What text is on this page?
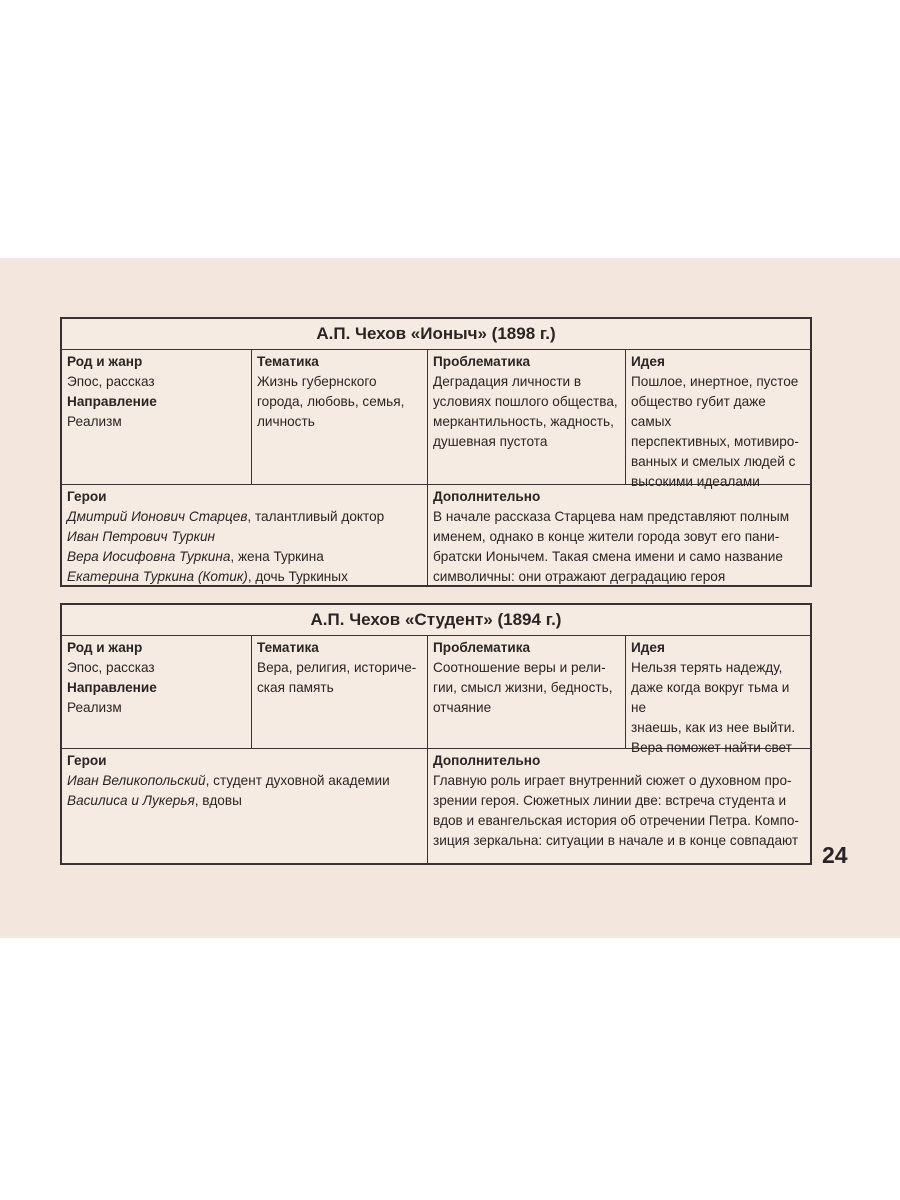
А.П. Чехов «Ионыч» (1898 г.)
Род и жанр
Эпос, рассказ
Направление
Реализм
Тематика
Жизнь губернского
города, любовь, семья,
личность
Проблематика
Деградация личности в
условиях пошлого общества,
меркантильность, жадность,
душевная пустота
Идея
Пошлое, инертное, пустое
общество губит даже самых
перспективных, мотивиро-
ванных и смелых людей с
высокими идеалами
Герои
Дмитрий Ионович Старцев, талантливый доктор
Иван Петрович Туркин
Вера Иосифовна Туркина, жена Туркина
Екатерина Туркина (Котик), дочь Туркиных
Дополнительно
В начале рассказа Старцева нам представляют полным
именем, однако в конце жители города зовут его пани-
братски Ионычем. Такая смена имени и само название
символичны: они отражают деградацию героя
А.П. Чехов «Студент» (1894 г.)
Род и жанр
Эпос, рассказ
Направление
Реализм
Тематика
Вера, религия, историче-
ская память
Проблематика
Соотношение веры и рели-
гии, смысл жизни, бедность,
отчаяние
Идея
Нельзя терять надежду,
даже когда вокруг тьма и не
знаешь, как из нее выйти.
Вера поможет найти свет
Герои
Иван Великопольский, студент духовной академии
Василиса и Лукерья, вдовы
Дополнительно
Главную роль играет внутренний сюжет о духовном про-
зрении героя. Сюжетных линии две: встреча студента и
вдов и евангельская история об отречении Петра. Компо-
зиция зеркальна: ситуации в начале и в конце совпадают
24
